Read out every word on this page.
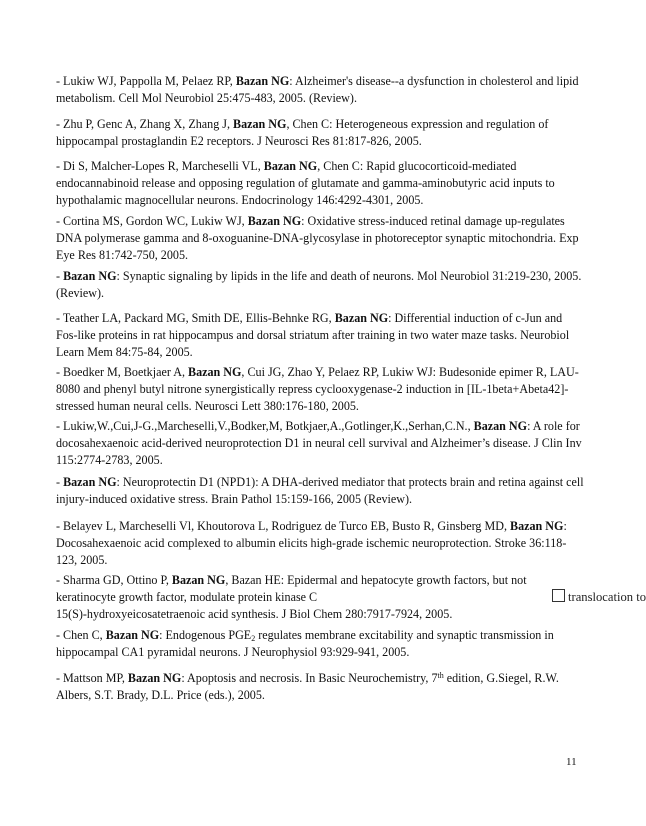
- Lukiw WJ, Pappolla M, Pelaez RP, Bazan NG: Alzheimer's disease--a dysfunction in cholesterol and lipid metabolism. Cell Mol Neurobiol 25:475-483, 2005. (Review).

- Zhu P, Genc A, Zhang X, Zhang J, Bazan NG, Chen C: Heterogeneous expression and regulation of hippocampal prostaglandin E2 receptors. J Neurosci Res 81:817-826, 2005.

- Di S, Malcher-Lopes R, Marcheselli VL, Bazan NG, Chen C: Rapid glucocorticoid-mediated endocannabinoid release and opposing regulation of glutamate and gamma-aminobutyric acid inputs to hypothalamic magnocellular neurons. Endocrinology 146:4292-4301, 2005.

- Cortina MS, Gordon WC, Lukiw WJ, Bazan NG: Oxidative stress-induced retinal damage up-regulates DNA polymerase gamma and 8-oxoguanine-DNA-glycosylase in photoreceptor synaptic mitochondria. Exp Eye Res 81:742-750, 2005.

- Bazan NG: Synaptic signaling by lipids in the life and death of neurons. Mol Neurobiol 31:219-230, 2005. (Review).

- Teather LA, Packard MG, Smith DE, Ellis-Behnke RG, Bazan NG: Differential induction of c-Jun and Fos-like proteins in rat hippocampus and dorsal striatum after training in two water maze tasks. Neurobiol Learn Mem 84:75-84, 2005.

- Boedker M, Boetkjaer A, Bazan NG, Cui JG, Zhao Y, Pelaez RP, Lukiw WJ: Budesonide epimer R, LAU-8080 and phenyl butyl nitrone synergistically repress cyclooxygenase-2 induction in [IL-1beta+Abeta42]-stressed human neural cells. Neurosci Lett 380:176-180, 2005.

- Lukiw,W.,Cui,J-G.,Marcheselli,V.,Bodker,M, Botkjaer,A.,Gotlinger,K.,Serhan,C.N., Bazan NG: A role for docosahexaenoic acid-derived neuroprotection D1 in neural cell survival and Alzheimer’s disease. J Clin Inv 115:2774-2783, 2005.

- Bazan NG: Neuroprotectin D1 (NPD1): A DHA-derived mediator that protects brain and retina against cell injury-induced oxidative stress. Brain Pathol 15:159-166, 2005 (Review).

- Belayev L, Marcheselli Vl, Khoutorova L, Rodriguez de Turco EB, Busto R, Ginsberg MD, Bazan NG: Docosahexaenoic acid complexed to albumin elicits high-grade ischemic neuroprotection. Stroke 36:118-123, 2005.

- Sharma GD, Ottino P, Bazan NG, Bazan HE: Epidermal and hepatocyte growth factors, but not keratinocyte growth factor, modulate protein kinase C
15(S)-hydroxyeicosatetraenoic acid synthesis. J Biol Chem 280:7917-7924, 2005.

translocation to

- Chen C, Bazan NG: Endogenous $PGE_2$ regulates membrane excitability and synaptic transmission in hippocampal CA1 pyramidal neurons. J Neurophysiol 93:929-941, 2005.

- Mattson MP, Bazan NG: Apoptosis and necrosis. In Basic Neurochemistry, 7th edition, G.Siegel, R.W. Albers, S.T. Brady, D.L. Price (eds.), 2005.

11
